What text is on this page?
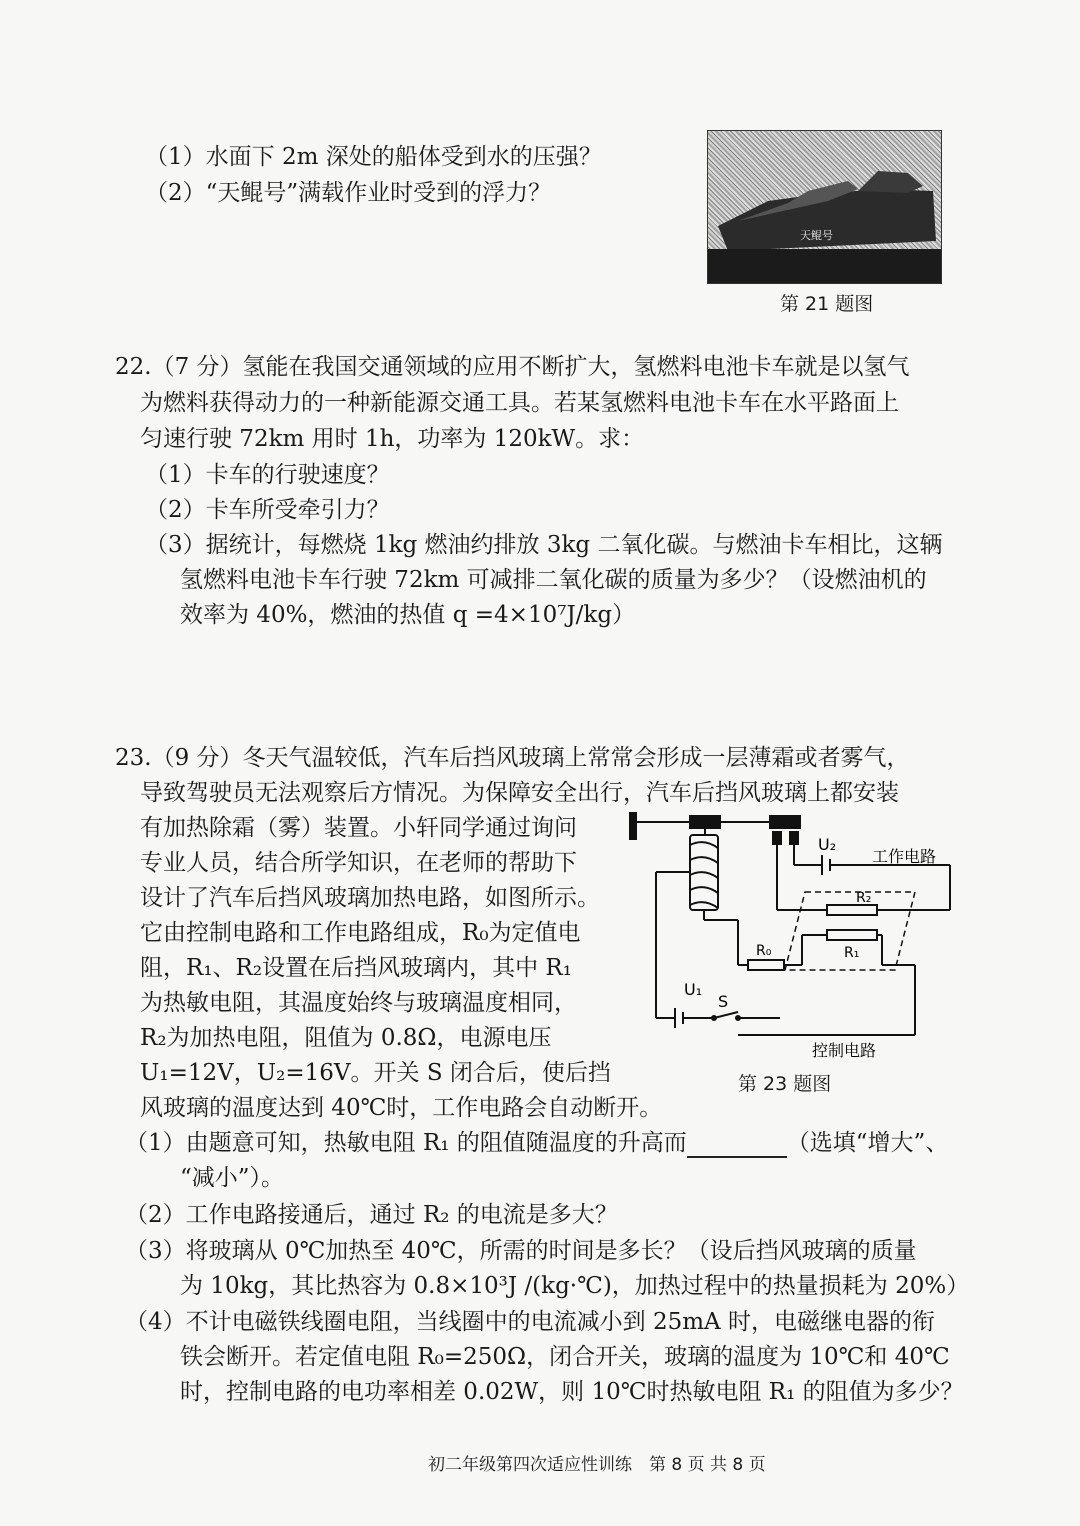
（1）水面下 2m 深处的船体受到水的压强？
（2）“天鲲号”满载作业时受到的浮力？
天鲲号
第 21 题图
22.（7 分）氢能在我国交通领域的应用不断扩大，氢燃料电池卡车就是以氢气
为燃料获得动力的一种新能源交通工具。若某氢燃料电池卡车在水平路面上
匀速行驶 72km 用时 1h，功率为 120kW。求：
（1）卡车的行驶速度？
（2）卡车所受牵引力？
（3）据统计，每燃烧 1kg 燃油约排放 3kg 二氧化碳。与燃油卡车相比，这辆
氢燃料电池卡车行驶 72km 可减排二氧化碳的质量为多少？（设燃油机的
效率为 40%，燃油的热值 q =4×10⁷J/kg）
23.（9 分）冬天气温较低，汽车后挡风玻璃上常常会形成一层薄霜或者雾气，
导致驾驶员无法观察后方情况。为保障安全出行，汽车后挡风玻璃上都安装
有加热除霜（雾）装置。小轩同学通过询问
专业人员，结合所学知识，在老师的帮助下
设计了汽车后挡风玻璃加热电路，如图所示。
它由控制电路和工作电路组成，R₀为定值电
阻，R₁、R₂设置在后挡风玻璃内，其中 R₁
为热敏电阻，其温度始终与玻璃温度相同，
R₂为加热电阻，阻值为 0.8Ω，电源电压
U₁=12V，U₂=16V。开关 S 闭合后，使后挡
风玻璃的温度达到 40℃时，工作电路会自动断开。
U₂
工作电路
R₂
R₀	R₁
U₁
S
控制电路
第 23 题图
（1）由题意可知，热敏电阻 R₁ 的阻值随温度的升高而	（选填“增大”、
“减小”）。
（2）工作电路接通后，通过 R₂ 的电流是多大？
（3）将玻璃从 0℃加热至 40℃，所需的时间是多长？（设后挡风玻璃的质量
为 10kg，其比热容为 0.8×10³J /(kg·℃)，加热过程中的热量损耗为 20%）
（4）不计电磁铁线圈电阻，当线圈中的电流减小到 25mA 时，电磁继电器的衔
铁会断开。若定值电阻 R₀=250Ω，闭合开关，玻璃的温度为 10℃和 40℃
时，控制电路的电功率相差 0.02W，则 10℃时热敏电阻 R₁ 的阻值为多少？
初二年级第四次适应性训练　第 8 页 共 8 页
